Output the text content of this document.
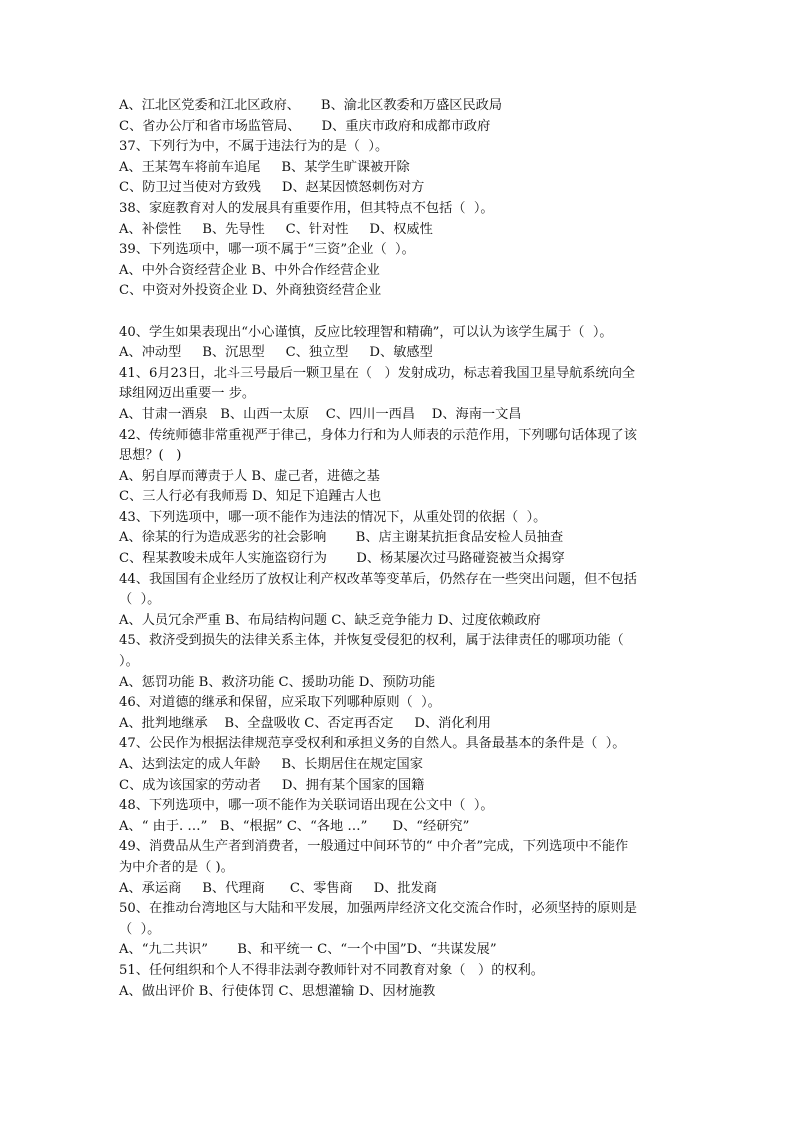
A、江北区党委和江北区政府、     B、渝北区教委和万盛区民政局
C、省办公厅和省市场监管局、     D、重庆市政府和成都市政府
37、下列行为中，不属于违法行为的是（  ）。
A、王某驾车将前车追尾     B、某学生旷课被开除
C、防卫过当使对方致残     D、赵某因愤怒刺伤对方
38、家庭教育对人的发展具有重要作用，但其特点不包括（  ）。
A、补偿性     B、先导性     C、针对性     D、权威性
39、下列选项中，哪一项不属于“三资”企业（  ）。
A、中外合资经营企业 B、中外合作经营企业
C、中资对外投资企业 D、外商独资经营企业
40、学生如果表现出“小心谨慎，反应比较理智和精确”，可以认为该学生属于（  ）。
A、冲动型     B、沉思型     C、独立型     D、敏感型
41、6月23日，北斗三号最后一颗卫星在（   ）发射成功，标志着我国卫星导航系统向全
球组网迈出重要一 步。
A、甘肃一酒泉   B、山西一太原    C、四川一西昌    D、海南一文昌
42、传统师德非常重视严于律己，身体力行和为人师表的示范作用，下列哪句话体现了该
思想？(   )
A、躬自厚而薄责于人 B、虚己者，进德之基
C、三人行必有我师焉 D、知足下追踵古人也
43、下列选项中，哪一项不能作为违法的情况下，从重处罚的依据（  ）。
A、徐某的行为造成恶劣的社会影响       B、店主谢某抗拒食品安检人员抽查
C、程某教唆未成年人实施盗窃行为       D、杨某屡次过马路碰瓷被当众揭穿
44、我国国有企业经历了放权让利产权改革等变革后，仍然存在一些突出问题，但不包括
（  ）。
A、人员冗余严重 B、布局结构问题 C、缺乏竞争能力 D、过度依赖政府
45、救济受到损失的法律关系主体，并恢复受侵犯的权利，属于法律责任的哪项功能（
）。
A、惩罚功能 B、救济功能 C、援助功能 D、预防功能
46、对道德的继承和保留，应采取下列哪种原则（  ）。
A、批判地继承    B、全盘吸收 C、否定再否定     D、消化利用
47、公民作为根据法律规范享受权利和承担义务的自然人。具备最基本的条件是（  ）。
A、达到法定的成人年龄     B、长期居住在规定国家
C、成为该国家的劳动者     D、拥有某个国家的国籍
48、下列选项中，哪一项不能作为关联词语出现在公文中（  ）。
A、“ 由于. …”   B、“根据” C、“各地 …”      D、“经研究”
49、消费品从生产者到消费者，一般通过中间环节的“ 中介者”完成，下列选项中不能作
为中介者的是（ )。
A、承运商     B、代理商      C、零售商     D、批发商
50、在推动台湾地区与大陆和平发展，加强两岸经济文化交流合作时，必须坚持的原则是
（  ）。
A、“九二共识”       B、和平统一 C、“一个中国”D、“共谋发展”
51、任何组织和个人不得非法剥夺教师针对不同教育对象（   ）的权利。
A、做出评价 B、行使体罚 C、思想灌输 D、因材施教
